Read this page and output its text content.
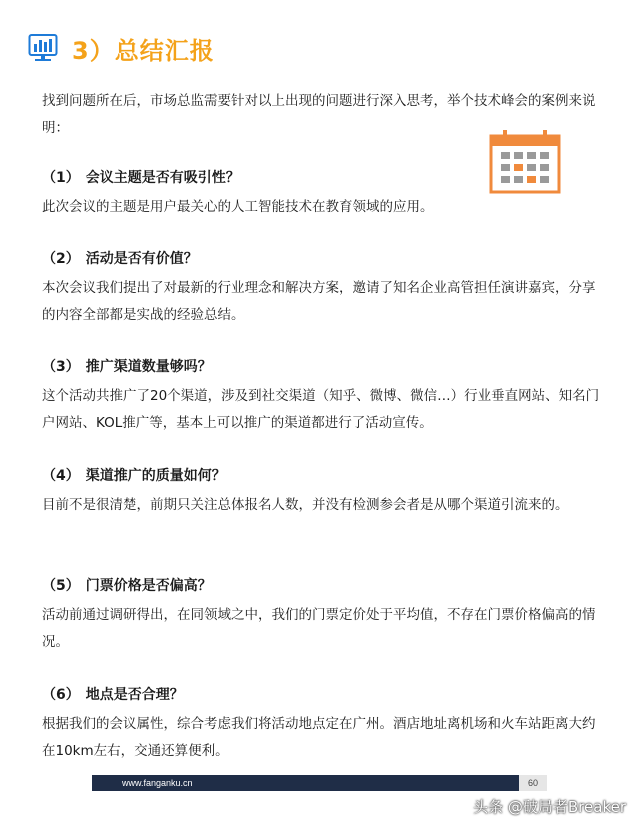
3）总结汇报
找到问题所在后，市场总监需要针对以上出现的问题进行深入思考，举个技术峰会的案例来说明：
（1） 会议主题是否有吸引性？
此次会议的主题是用户最关心的人工智能技术在教育领域的应用。
（2） 活动是否有价值？
本次会议我们提出了对最新的行业理念和解决方案，邀请了知名企业高管担任演讲嘉宾，分享的内容全部都是实战的经验总结。
（3） 推广渠道数量够吗？
这个活动共推广了20个渠道，涉及到社交渠道（知乎、微博、微信…）行业垂直网站、知名门户网站、KOL推广等，基本上可以推广的渠道都进行了活动宣传。
（4） 渠道推广的质量如何？
目前不是很清楚，前期只关注总体报名人数，并没有检测参会者是从哪个渠道引流来的。
（5） 门票价格是否偏高？
活动前通过调研得出，在同领域之中，我们的门票定价处于平均值，不存在门票价格偏高的情况。
（6） 地点是否合理？
根据我们的会议属性，综合考虑我们将活动地点定在广州。酒店地址离机场和火车站距离大约在10km左右，交通还算便利。
www.fanganku.cn	60
头条 @破局者Breaker
